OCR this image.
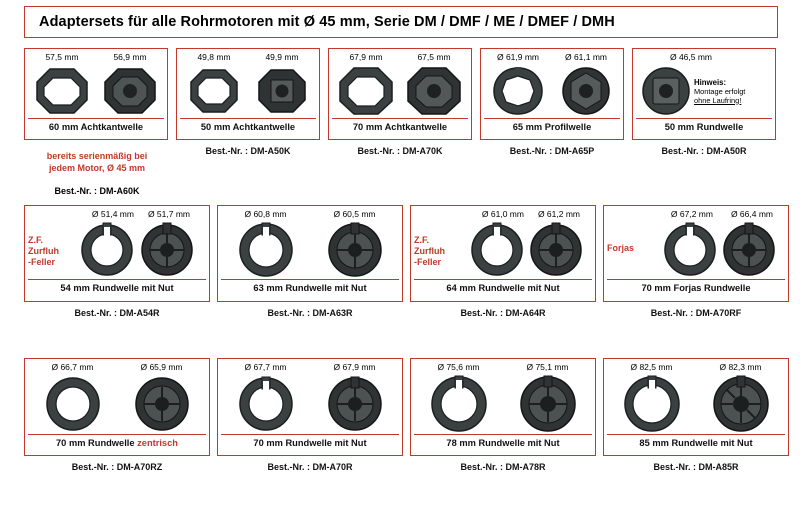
Adaptersets für alle Rohrmotoren mit Ø 45 mm, Serie DM / DMF / ME / DMEF / DMH
57,5 mm	56,9 mm
60 mm Achtkantwelle
49,8 mm	49,9 mm
50 mm Achtkantwelle
Best.-Nr. : DM-A50K
67,9 mm	67,5 mm
70 mm Achtkantwelle
Best.-Nr. : DM-A70K
Ø 61,9 mm	Ø 61,1 mm
65 mm Profilwelle
Best.-Nr. : DM-A65P
Ø 46,5 mm
Hinweis:
Montage erfolgt
ohne Laufring!
50 mm Rundwelle
Best.-Nr. : DM-A50R
bereits serienmäßig bei
jedem Motor, Ø 45 mm
Best.-Nr. : DM-A60K
Ø 51,4 mm Ø 51,7 mm
Z.F.
Zurfluh
-Feller
54 mm Rundwelle mit Nut
Best.-Nr. : DM-A54R
Ø 60,8 mm	Ø 60,5 mm
63 mm Rundwelle mit Nut
Best.-Nr. : DM-A63R
Ø 61,0 mm Ø 61,2 mm
Z.F.
Zurfluh
-Feller
64 mm Rundwelle mit Nut
Best.-Nr. : DM-A64R
Ø 67,2 mm Ø 66,4 mm
Forjas
70 mm Forjas Rundwelle
Best.-Nr. : DM-A70RF
Ø 66,7 mm	Ø 65,9 mm
70 mm Rundwelle zentrisch
Best.-Nr. : DM-A70RZ
Ø 67,7 mm	Ø 67,9 mm
70 mm Rundwelle mit Nut
Best.-Nr. : DM-A70R
Ø 75,6 mm	Ø 75,1 mm
78 mm Rundwelle mit Nut
Best.-Nr. : DM-A78R
Ø 82,5 mm	Ø 82,3 mm
85 mm Rundwelle mit Nut
Best.-Nr. : DM-A85R
